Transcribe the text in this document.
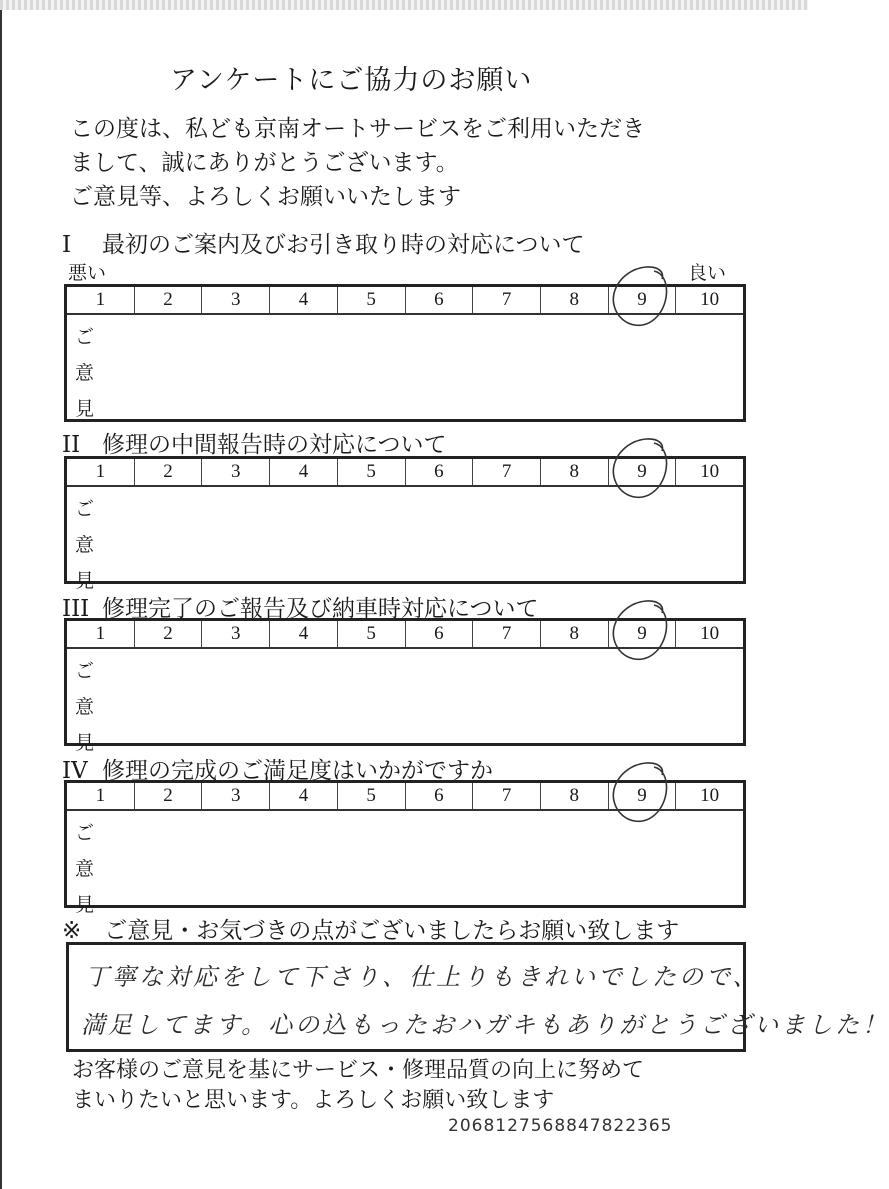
アンケートにご協力のお願い
この度は、私ども京南オートサービスをご利用いただき
まして、誠にありがとうございます。
ご意見等、よろしくお願いいたします
I 最初のご案内及びお引き取り時の対応について
悪い	良い
1	2	3	4	5	6	7	8	9	10
ご
意
見
II 修理の中間報告時の対応について
1	2	3	4	5	6	7	8	9	10
ご
意
見
III 修理完了のご報告及び納車時対応について
1	2	3	4	5	6	7	8	9	10
ご
意
見
IV 修理の完成のご満足度はいかがですか
1	2	3	4	5	6	7	8	9	10
ご
意
見
※　ご意見・お気づきの点がございましたらお願い致します
丁寧な対応をして下さり、仕上りもきれいでしたので、
満足してます。心の込もったおハガキもありがとうございました！
お客様のご意見を基にサービス・修理品質の向上に努めて
まいりたいと思います。よろしくお願い致します
20681275688478223​65
